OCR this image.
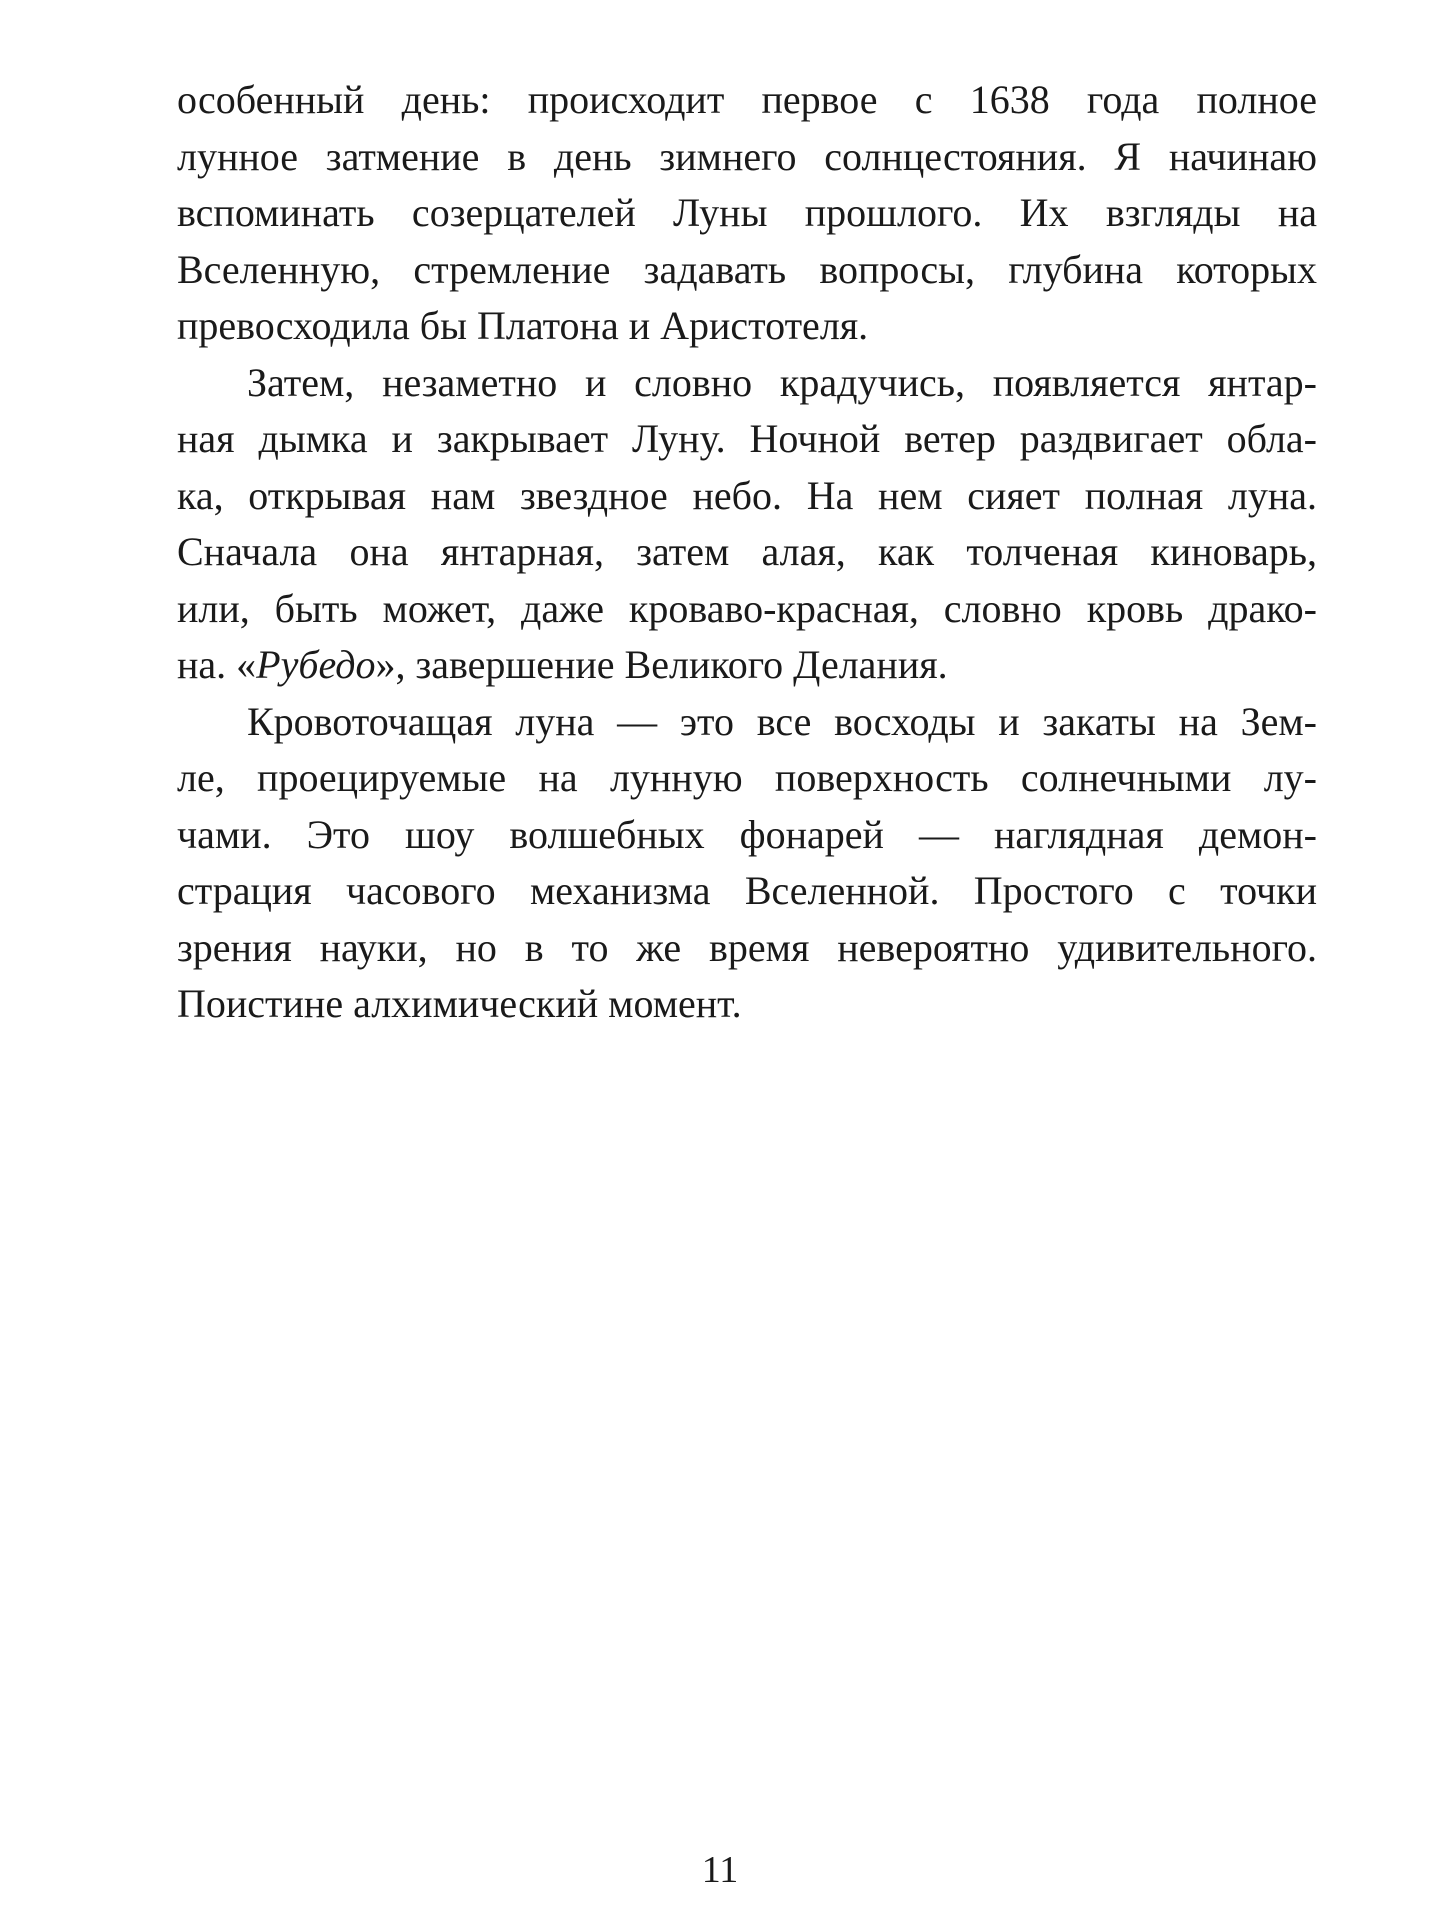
особенный день: происходит первое с 1638 года полное
лунное затмение в день зимнего солнцестояния. Я начинаю
вспоминать созерцателей Луны прошлого. Их взгляды на
Вселенную, стремление задавать вопросы, глубина которых
превосходила бы Платона и Аристотеля.
Затем, незаметно и словно крадучись, появляется янтар-
ная дымка и закрывает Луну. Ночной ветер раздвигает обла-
ка, открывая нам звездное небо. На нем сияет полная луна.
Сначала она янтарная, затем алая, как толченая киноварь,
или, быть может, даже кроваво-красная, словно кровь драко-
на. «Рубедо», завершение Великого Делания.
Кровоточащая луна — это все восходы и закаты на Зем-
ле, проецируемые на лунную поверхность солнечными лу-
чами. Это шоу волшебных фонарей — наглядная демон-
страция часового механизма Вселенной. Простого с точки
зрения науки, но в то же время невероятно удивительного.
Поистине алхимический момент.
11
